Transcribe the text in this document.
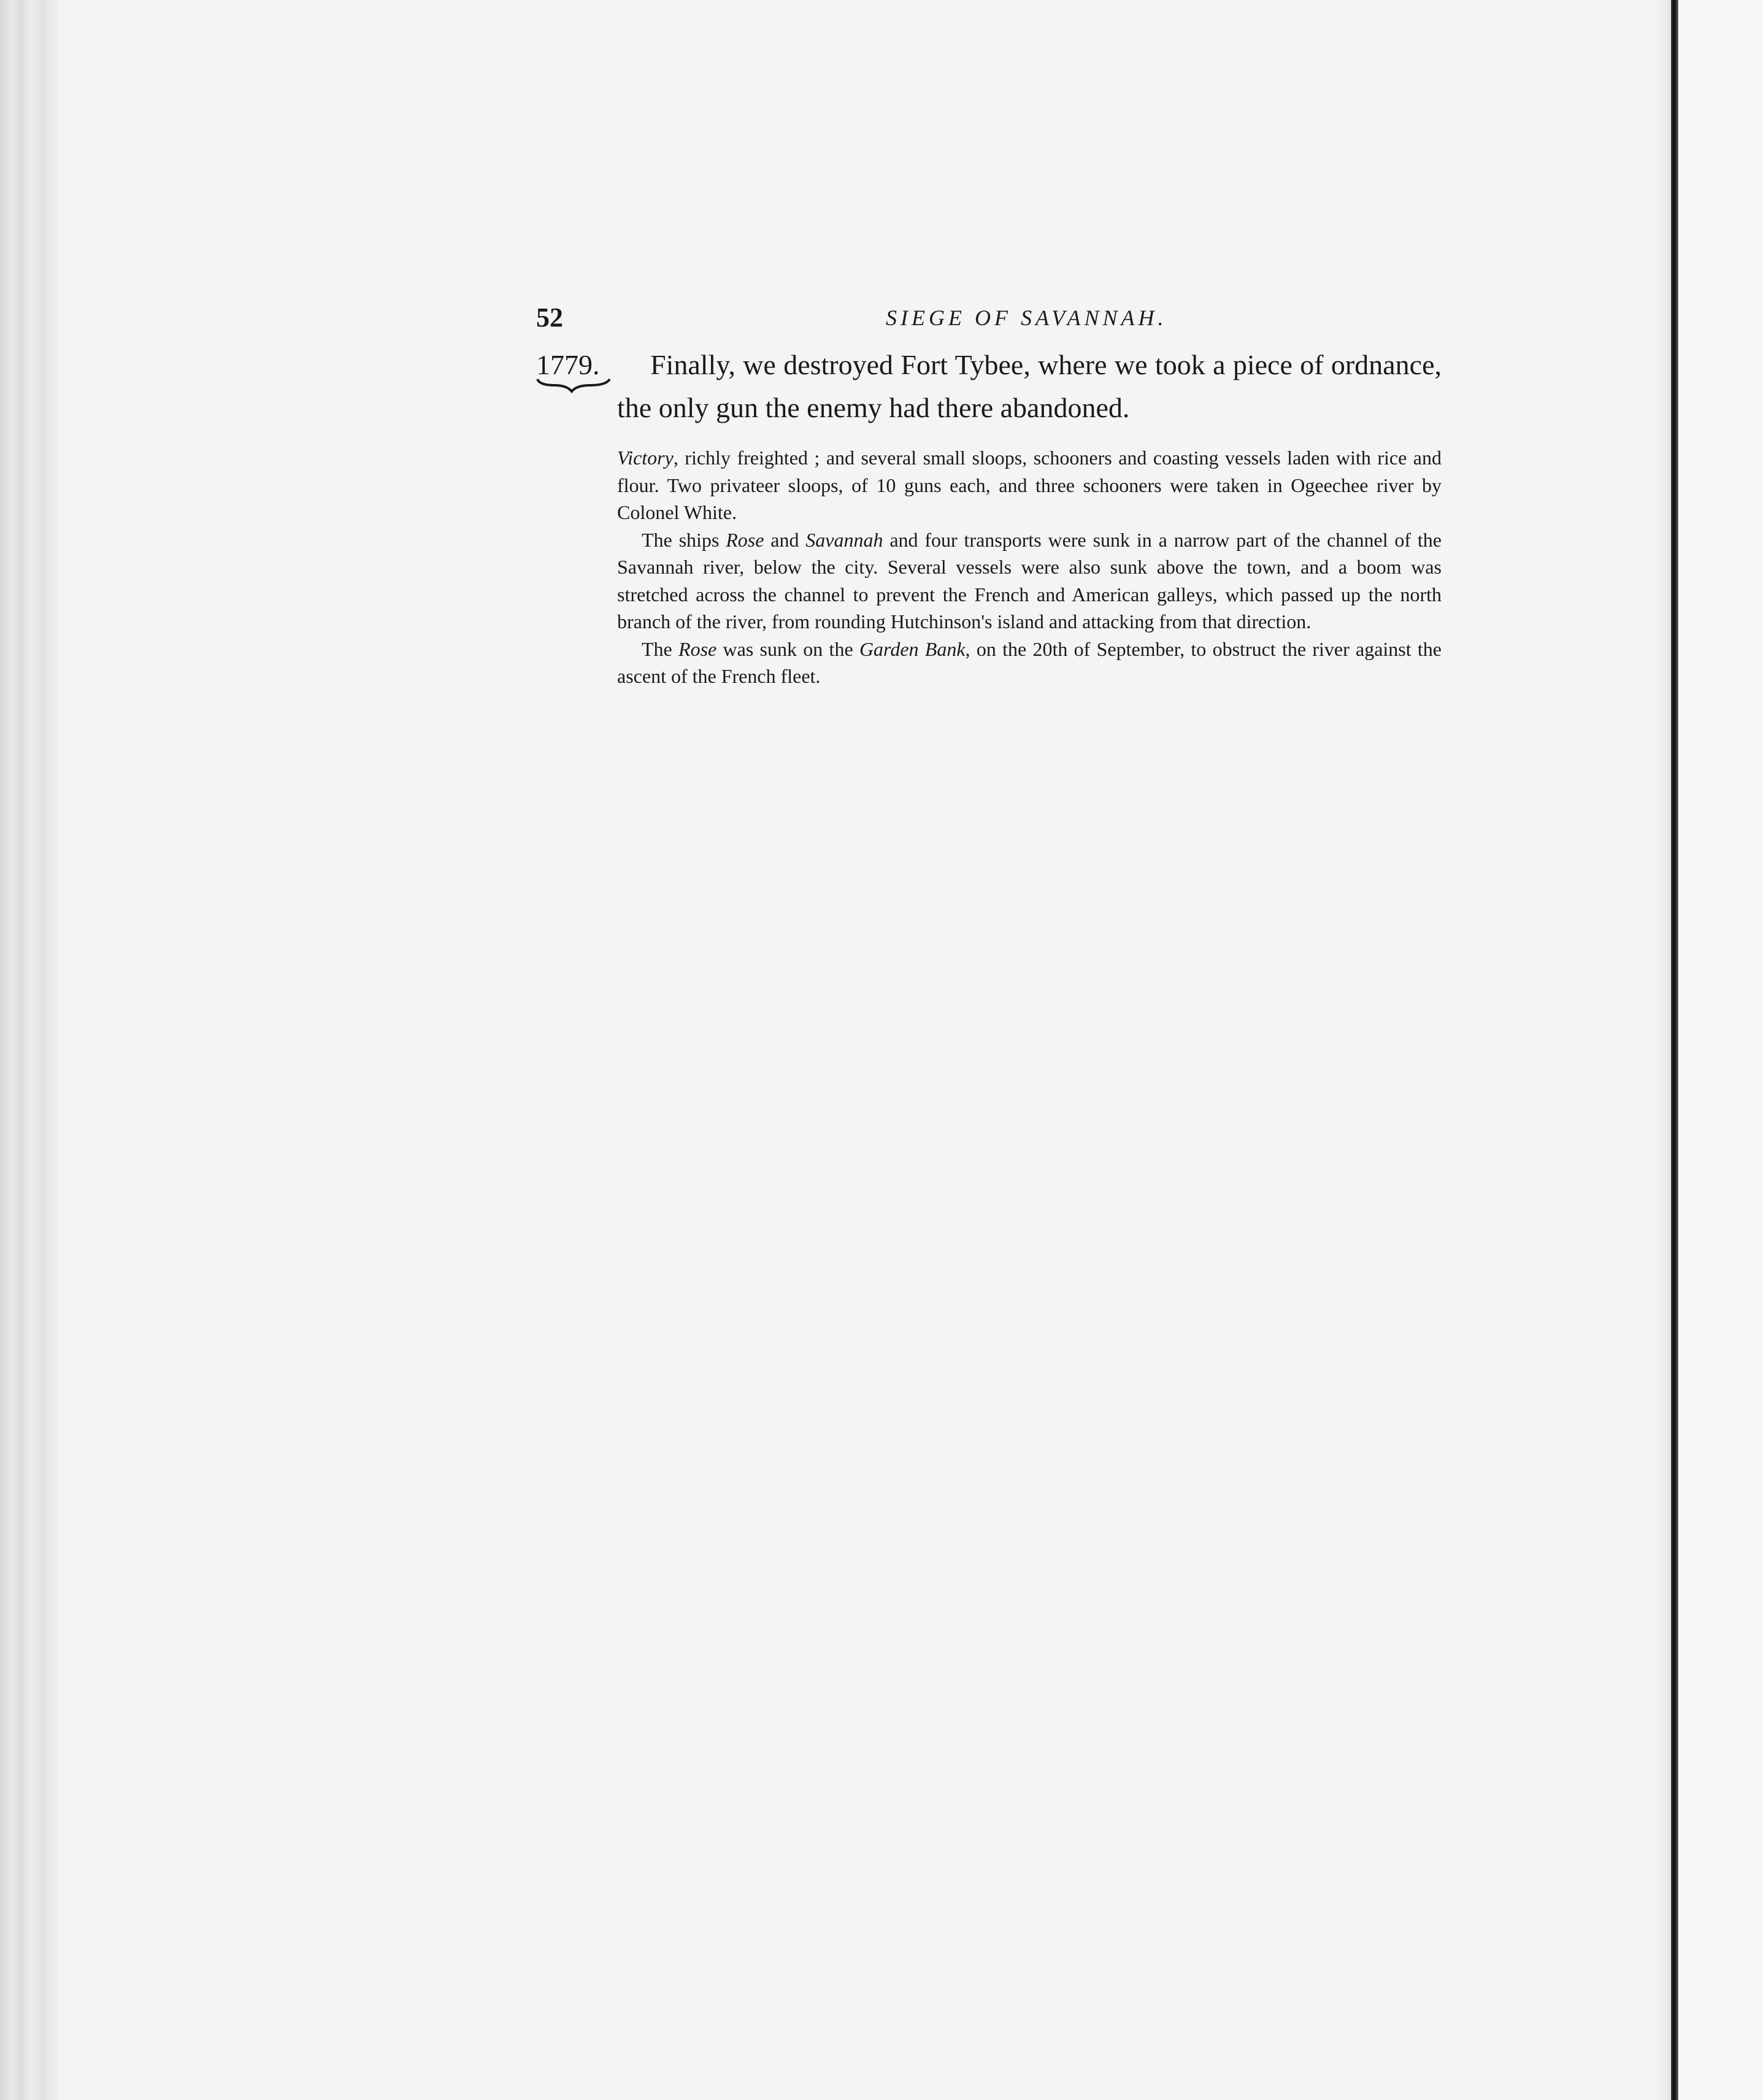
52	SIEGE OF SAVANNAH.
1779.	Finally, we destroyed Fort Tybee, where we took a piece of ordnance, the only gun the enemy had there abandoned.

Victory, richly freighted ; and several small sloops, schooners and coasting vessels laden with rice and flour. Two privateer sloops, of 10 guns each, and three schooners were taken in Ogeechee river by Colonel White.

The ships Rose and Savannah and four transports were sunk in a narrow part of the channel of the Savannah river, below the city. Several vessels were also sunk above the town, and a boom was stretched across the channel to prevent the French and American galleys, which passed up the north branch of the river, from rounding Hutchinson's island and attacking from that direction.

The Rose was sunk on the Garden Bank, on the 20th of September, to obstruct the river against the ascent of the French fleet.
